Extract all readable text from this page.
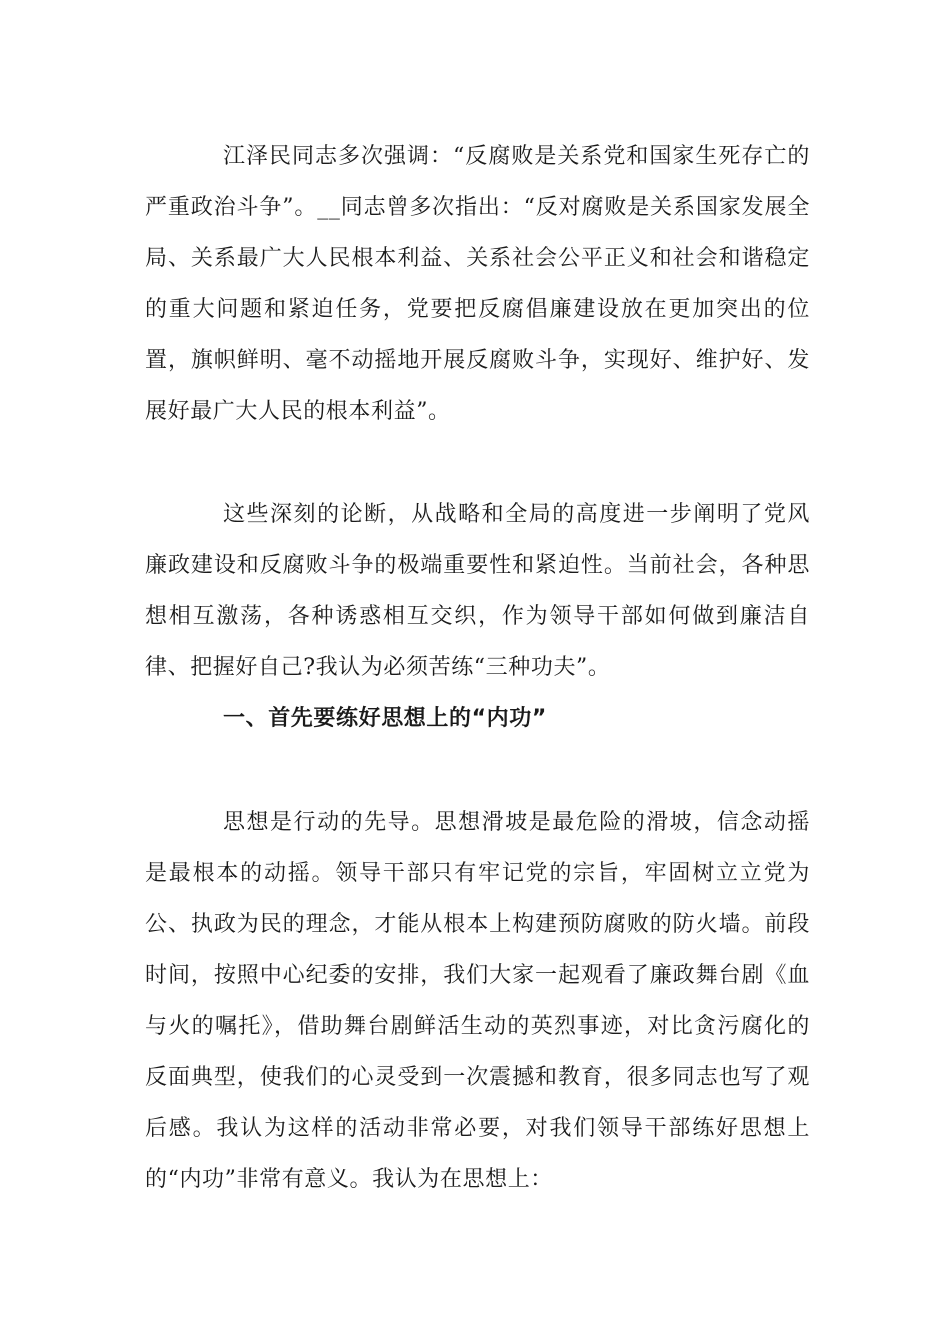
江泽民同志多次强调：“反腐败是关系党和国家生死存亡的严重政治斗争”。__同志曾多次指出：“反对腐败是关系国家发展全局、关系最广大人民根本利益、关系社会公平正义和社会和谐稳定的重大问题和紧迫任务，党要把反腐倡廉建设放在更加突出的位置，旗帜鲜明、毫不动摇地开展反腐败斗争，实现好、维护好、发展好最广大人民的根本利益”。

这些深刻的论断，从战略和全局的高度进一步阐明了党风廉政建设和反腐败斗争的极端重要性和紧迫性。当前社会，各种思想相互激荡，各种诱惑相互交织，作为领导干部如何做到廉洁自律、把握好自己?我认为必须苦练“三种功夫”。

一、首先要练好思想上的“内功”

思想是行动的先导。思想滑坡是最危险的滑坡，信念动摇是最根本的动摇。领导干部只有牢记党的宗旨，牢固树立立党为公、执政为民的理念，才能从根本上构建预防腐败的防火墙。前段时间，按照中心纪委的安排，我们大家一起观看了廉政舞台剧《血与火的嘱托》，借助舞台剧鲜活生动的英烈事迹，对比贪污腐化的反面典型，使我们的心灵受到一次震撼和教育，很多同志也写了观后感。我认为这样的活动非常必要，对我们领导干部练好思想上的“内功”非常有意义。我认为在思想上：
